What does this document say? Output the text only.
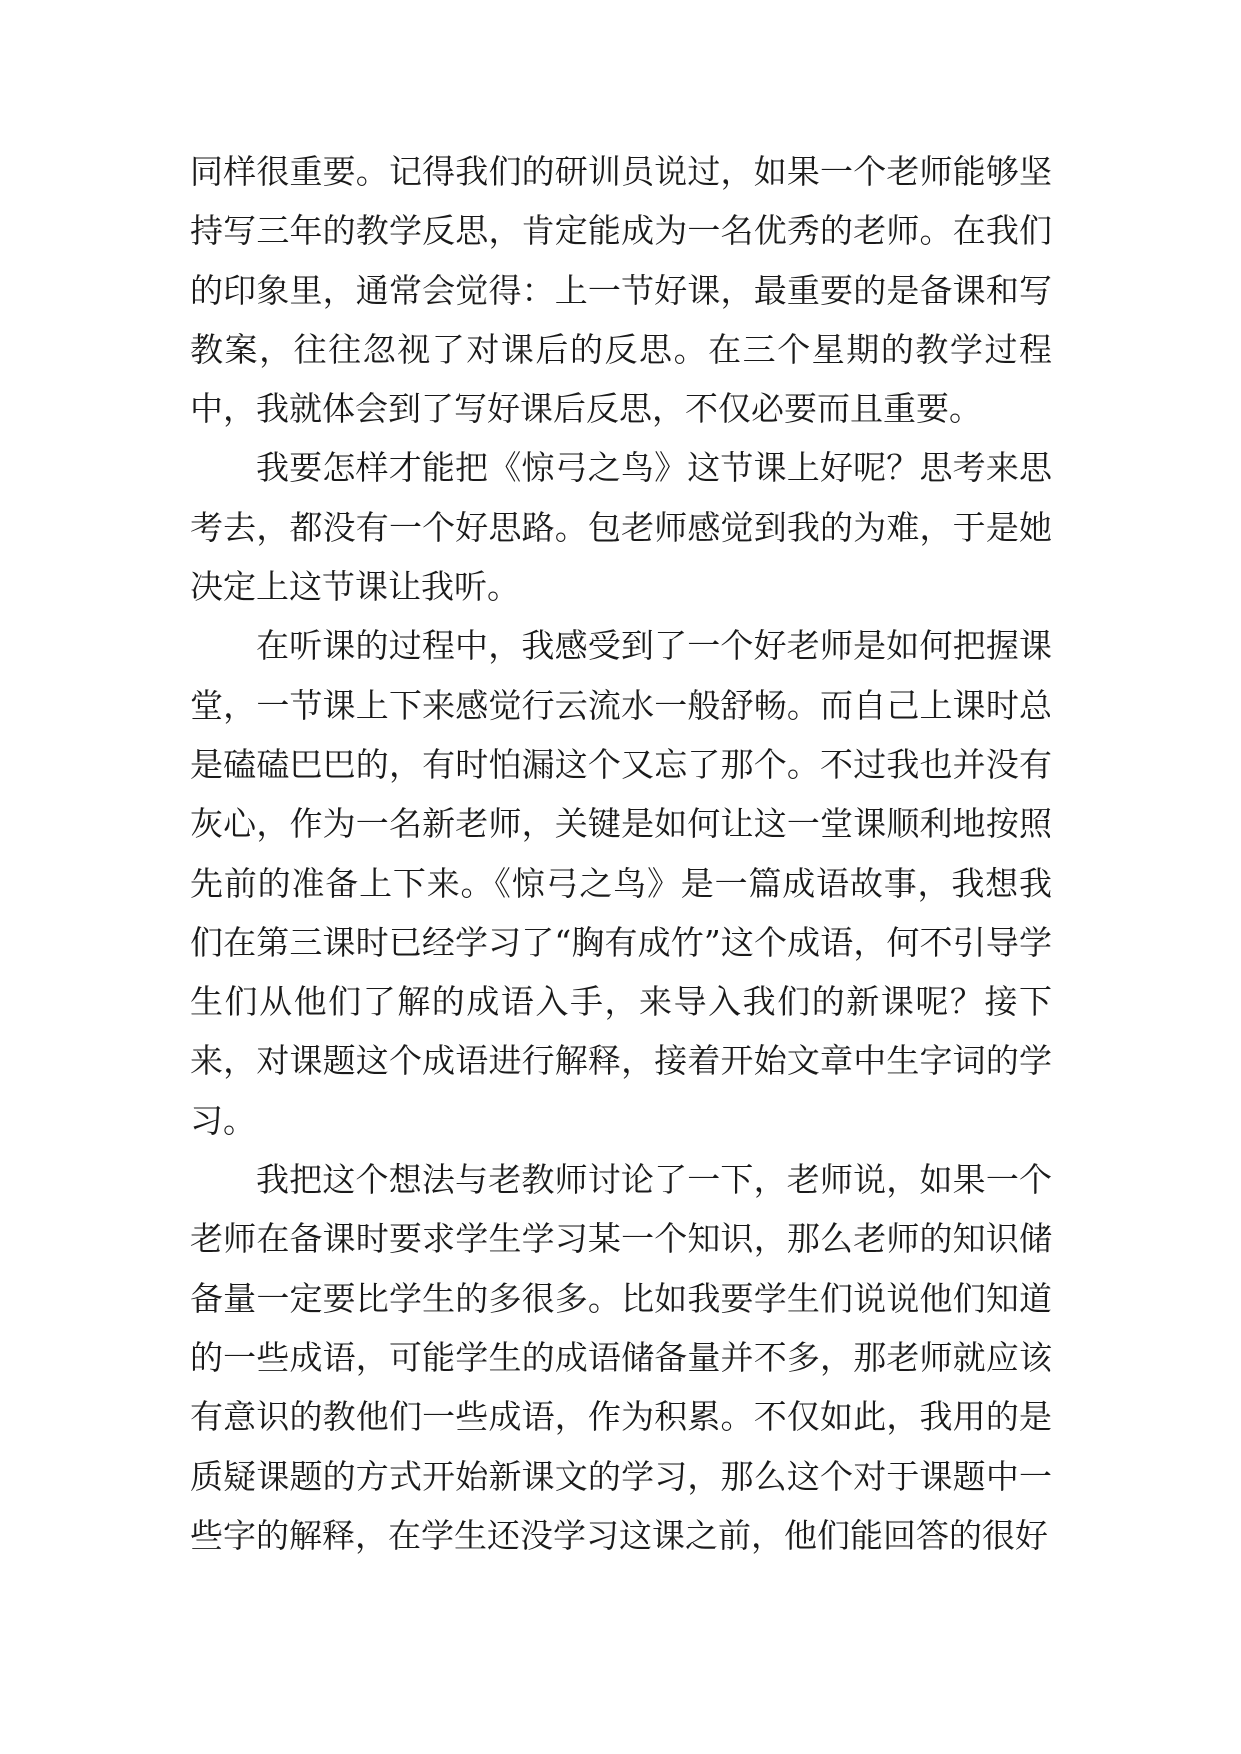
同样很重要。记得我们的研训员说过，如果一个老师能够坚持写三年的教学反思，肯定能成为一名优秀的老师。在我们的印象里，通常会觉得：上一节好课，最重要的是备课和写教案，往往忽视了对课后的反思。在三个星期的教学过程中，我就体会到了写好课后反思，不仅必要而且重要。

我要怎样才能把《惊弓之鸟》这节课上好呢？思考来思考去，都没有一个好思路。包老师感觉到我的为难，于是她决定上这节课让我听。

在听课的过程中，我感受到了一个好老师是如何把握课堂，一节课上下来感觉行云流水一般舒畅。而自己上课时总是磕磕巴巴的，有时怕漏这个又忘了那个。不过我也并没有灰心，作为一名新老师，关键是如何让这一堂课顺利地按照先前的准备上下来。《惊弓之鸟》是一篇成语故事，我想我们在第三课时已经学习了“胸有成竹”这个成语，何不引导学生们从他们了解的成语入手，来导入我们的新课呢？接下来，对课题这个成语进行解释，接着开始文章中生字词的学习。

我把这个想法与老教师讨论了一下，老师说，如果一个老师在备课时要求学生学习某一个知识，那么老师的知识储备量一定要比学生的多很多。比如我要学生们说说他们知道的一些成语，可能学生的成语储备量并不多，那老师就应该有意识的教他们一些成语，作为积累。不仅如此，我用的是质疑课题的方式开始新课文的学习，那么这个对于课题中一些字的解释，在学生还没学习这课之前，他们能回答的很好
